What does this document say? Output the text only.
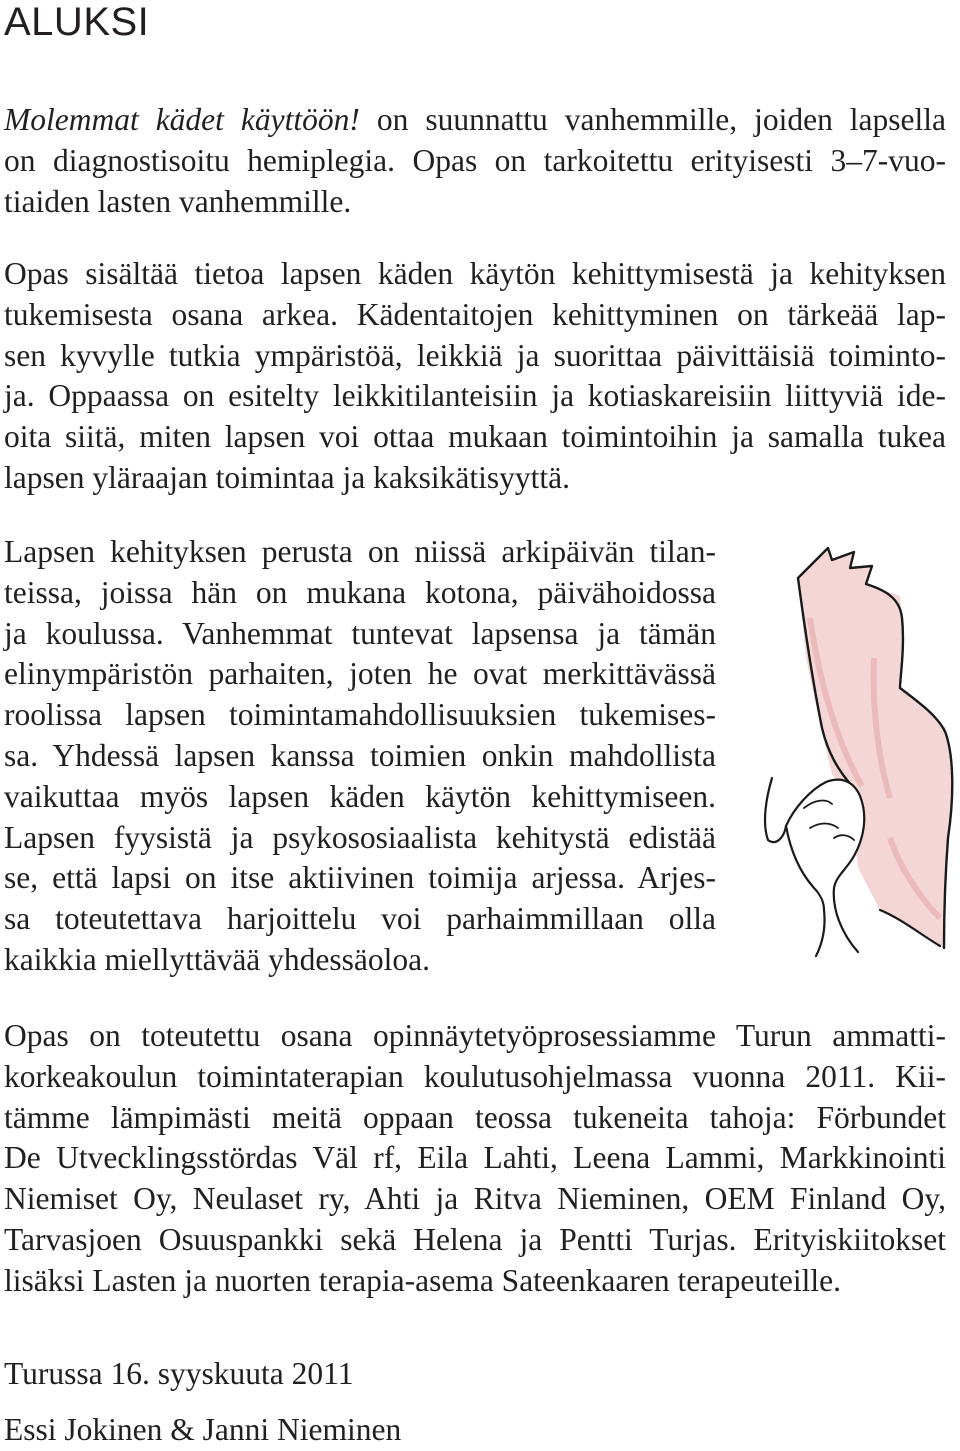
ALUKSI

Molemmat kädet käyttöön! on suunnattu vanhemmille, joiden lapsella
on diagnostisoitu hemiplegia. Opas on tarkoitettu erityisesti 3–7-vuo-
tiaiden lasten vanhemmille.

Opas sisältää tietoa lapsen käden käytön kehittymisestä ja kehityksen
tukemisesta osana arkea. Kädentaitojen kehittyminen on tärkeää lap-
sen kyvylle tutkia ympäristöä, leikkiä ja suorittaa päivittäisiä toiminto-
ja. Oppaassa on esitelty leikkitilanteisiin ja kotiaskareisiin liittyviä ide-
oita siitä, miten lapsen voi ottaa mukaan toimintoihin ja samalla tukea
lapsen yläraajan toimintaa ja kaksikätisyyttä.

Lapsen kehityksen perusta on niissä arkipäivän tilan-
teissa, joissa hän on mukana kotona, päivähoidossa
ja koulussa. Vanhemmat tuntevat lapsensa ja tämän
elinympäristön parhaiten, joten he ovat merkittävässä
roolissa lapsen toimintamahdollisuuksien tukemises-
sa. Yhdessä lapsen kanssa toimien onkin mahdollista
vaikuttaa myös lapsen käden käytön kehittymiseen.
Lapsen fyysistä ja psykososiaalista kehitystä edistää
se, että lapsi on itse aktiivinen toimija arjessa. Arjes-
sa toteutettava harjoittelu voi parhaimmillaan olla
kaikkia miellyttävää yhdessäoloa.

Opas on toteutettu osana opinnäytetyöprosessiamme Turun ammatti-
korkeakoulun toimintaterapian koulutusohjelmassa vuonna 2011. Kii-
tämme lämpimästi meitä oppaan teossa tukeneita tahoja: Förbundet
De Utvecklingsstördas Väl rf, Eila Lahti, Leena Lammi, Markkinointi
Niemiset Oy, Neulaset ry, Ahti ja Ritva Nieminen, OEM Finland Oy,
Tarvasjoen Osuuspankki sekä Helena ja Pentti Turjas. Erityiskiitokset
lisäksi Lasten ja nuorten terapia-asema Sateenkaaren terapeuteille.

Turussa 16. syyskuuta 2011

Essi Jokinen & Janni Nieminen
